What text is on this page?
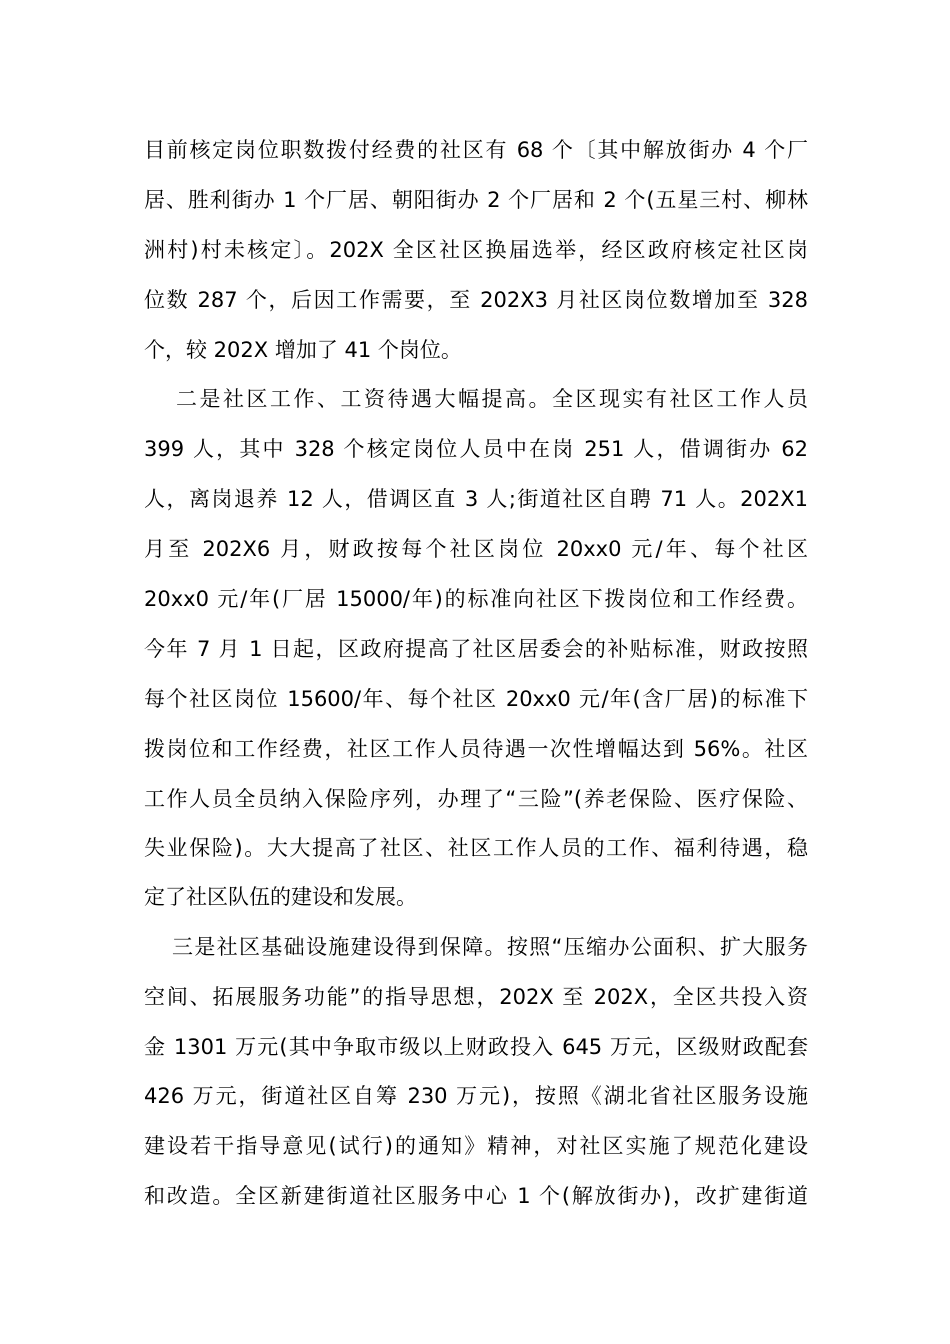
目前核定岗位职数拨付经费的社区有 68 个〔其中解放街办 4 个厂
居、胜利街办 1 个厂居、朝阳街办 2 个厂居和 2 个(五星三村、柳林
洲村)村未核定〕。202X 全区社区换届选举，经区政府核定社区岗
位数 287 个，后因工作需要，至 202X3 月社区岗位数增加至 328
个，较 202X 增加了 41 个岗位。
二是社区工作、工资待遇大幅提高。全区现实有社区工作人员
399 人，其中 328 个核定岗位人员中在岗 251 人，借调街办 62
人，离岗退养 12 人，借调区直 3 人;街道社区自聘 71 人。202X1
月至 202X6 月，财政按每个社区岗位 20xx0 元/年、每个社区
20xx0 元/年(厂居 15000/年)的标准向社区下拨岗位和工作经费。
今年 7 月 1 日起，区政府提高了社区居委会的补贴标准，财政按照
每个社区岗位 15600/年、每个社区 20xx0 元/年(含厂居)的标准下
拨岗位和工作经费，社区工作人员待遇一次性增幅达到 56%。社区
工作人员全员纳入保险序列，办理了“三险”(养老保险、医疗保险、
失业保险)。大大提高了社区、社区工作人员的工作、福利待遇，稳
定了社区队伍的建设和发展。
三是社区基础设施建设得到保障。按照“压缩办公面积、扩大服务
空间、拓展服务功能”的指导思想，202X 至 202X，全区共投入资
金 1301 万元(其中争取市级以上财政投入 645 万元，区级财政配套
426 万元，街道社区自筹 230 万元)，按照《湖北省社区服务设施
建设若干指导意见(试行)的通知》精神，对社区实施了规范化建设
和改造。全区新建街道社区服务中心 1 个(解放街办)，改扩建街道
